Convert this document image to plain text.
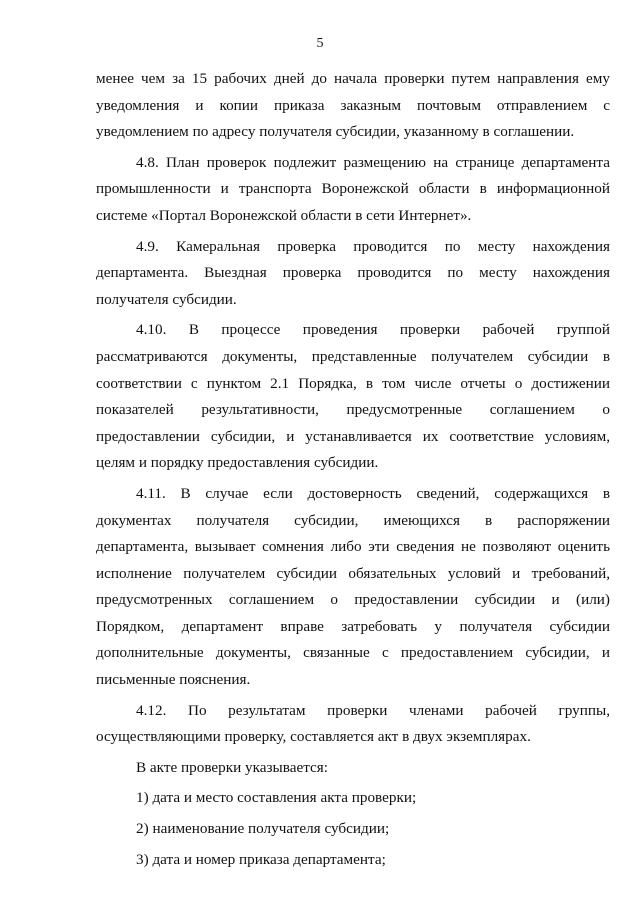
5
менее чем за 15 рабочих дней до начала проверки путем направления ему
уведомления и копии приказа заказным почтовым отправлением с
уведомлением по адресу получателя субсидии, указанному в соглашении.
4.8. План проверок подлежит размещению на странице департамента
промышленности и транспорта Воронежской области в информационной
системе «Портал Воронежской области в сети Интернет».
4.9. Камеральная проверка проводится по месту нахождения
департамента. Выездная проверка проводится по месту нахождения
получателя субсидии.
4.10. В процессе проведения проверки рабочей группой
рассматриваются документы, представленные получателем субсидии в
соответствии с пунктом 2.1 Порядка, в том числе отчеты о достижении
показателей результативности, предусмотренные соглашением о
предоставлении субсидии, и устанавливается их соответствие условиям,
целям и порядку предоставления субсидии.
4.11. В случае если достоверность сведений, содержащихся в
документах получателя субсидии, имеющихся в распоряжении
департамента, вызывает сомнения либо эти сведения не позволяют оценить
исполнение получателем субсидии обязательных условий и требований,
предусмотренных соглашением о предоставлении субсидии и (или)
Порядком, департамент вправе затребовать у получателя субсидии
дополнительные документы, связанные с предоставлением субсидии, и
письменные пояснения.
4.12. По результатам проверки членами рабочей группы,
осуществляющими проверку, составляется акт в двух экземплярах.
В акте проверки указывается:
1) дата и место составления акта проверки;
2) наименование получателя субсидии;
3) дата и номер приказа департамента;
